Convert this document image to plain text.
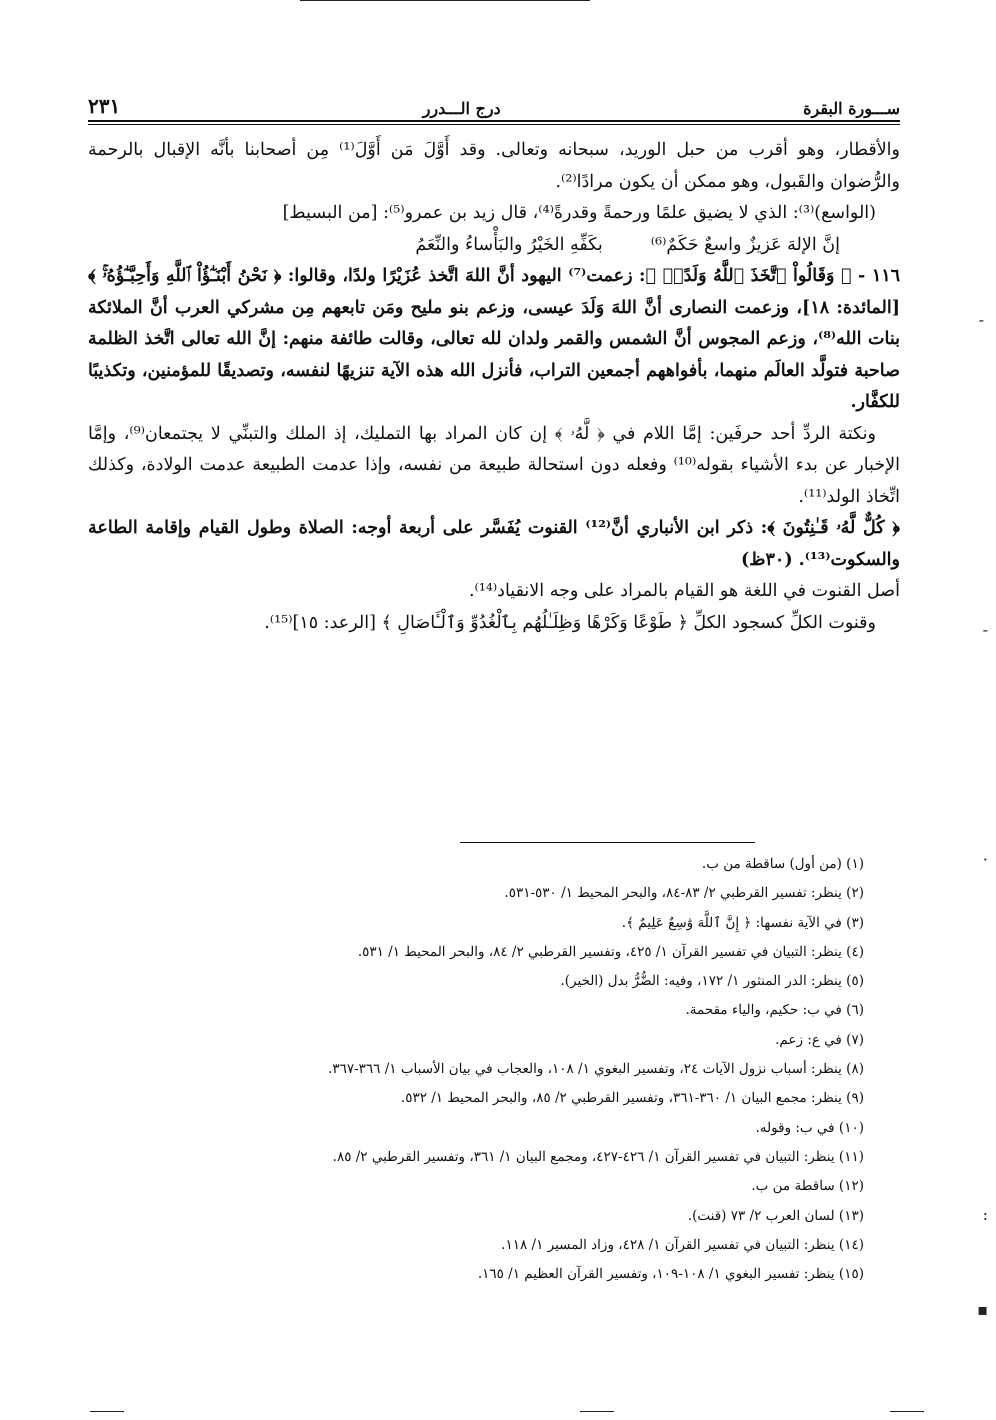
ســـورة البقرة
درج الـــدرر
٢٣١

والأقطار، وهو أقرب من حبل الوريد، سبحانه وتعالى. وقد أَوَّلَ مَن أَوَّلَ⁽¹⁾ مِن أصحابنا بأنَّه الإقبال بالرحمة والرُّضوان والقَبول، وهو ممكن أن يكون مرادًا⁽²⁾.

(الواسع)⁽³⁾: الذي لا يضيق علمًا ورحمةً وقدرةً⁽⁴⁾، قال زيد بن عمرو⁽⁵⁾: [من البسيط]

إنَّ الإلهَ عَزيزٌ واسعٌ حَكَمٌ⁽⁶⁾
بكَفِّهِ الخَيْرُ والبَأْساءُ والنِّعَمُ

١١٦ - ﴿ وَقَالُواْ ٱتَّخَذَ ٱللَّهُ وَلَدًاۗ ﴾: زعمت⁽⁷⁾ اليهود أنَّ اللهَ اتَّخذ عُزَيْرًا ولدًا، وقالوا: ﴿ نَحْنُ أَبْنَـٰٓؤُاْ ٱللَّهِ وَأَحِبَّـٰٓؤُهُۥۚ ﴾ [المائدة: ١٨]، وزعمت النصارى أنَّ اللهَ وَلَدَ عيسى، وزعم بنو مليح ومَن تابعهم مِن مشركي العرب أنَّ الملائكة بنات الله⁽⁸⁾، وزعم المجوس أنَّ الشمس والقمر ولدان لله تعالى، وقالت طائفة منهم: إنَّ الله تعالى اتَّخذ الظلمة صاحبة فتولَّد العالَم منهما، بأفواههم أجمعين التراب، فأنزل الله هذه الآية تنزيهًا لنفسه، وتصديقًا للمؤمنين، وتكذيبًا للكفَّار.

ونكتة الردِّ أحد حرفَين: إمَّا اللام في ﴿ لَّهُۥ ﴾ إن كان المراد بها التمليك، إذ الملك والتبنِّي لا يجتمعان⁽⁹⁾، وإمَّا الإخبار عن بدء الأشياء بقوله⁽¹⁰⁾ وفعله دون استحالة طبيعة من نفسه، وإذا عدمت الطبيعة عدمت الولادة، وكذلك اتِّخاذ الولد⁽¹¹⁾.

﴿ كُلٌّ لَّهُۥ قَـٰنِتُونَ ﴾: ذكر ابن الأنباري أنَّ⁽¹²⁾ القنوت يُفَسَّر على أربعة أوجه: الصلاة وطول القيام وإقامة الطاعة والسكوت⁽¹³⁾. (٣٠ظ)

أصل القنوت في اللغة هو القيام بالمراد على وجه الانقياد⁽¹⁴⁾.

وقنوت الكلِّ كسجود الكلِّ ﴿ طَوْعًا وَكَرْهًا وَظِلَـٰلُهُم بِٱلْغُدُوِّ وَٱلْـَٔاصَالِ ﴾ [الرعد: ١٥]⁽¹⁵⁾.

(١) (من أول) ساقطة من ب.
(٢) ينظر: تفسير القرطبي ٢/ ٨٣-٨٤، والبحر المحيط ١/ ٥٣٠-٥٣١.
(٣) في الآية نفسها: ﴿ إِنَّ ٱللَّهَ وَٰسِعٌ عَلِيمٌ ﴾.
(٤) ينظر: التبيان في تفسير القرآن ١/ ٤٢٥، وتفسير القرطبي ٢/ ٨٤، والبحر المحيط ١/ ٥٣١.
(٥) ينظر: الدر المنثور ١/ ١٧٢، وفيه: الضُّرُّ بدل (الخير).
(٦) في ب: حكيم، والياء مقحمة.
(٧) في ع: زعم.
(٨) ينظر: أسباب نزول الآيات ٢٤، وتفسير البغوي ١/ ١٠٨، والعجاب في بيان الأسباب ١/ ٣٦٦-٣٦٧.
(٩) ينظر: مجمع البيان ١/ ٣٦٠-٣٦١، وتفسير القرطبي ٢/ ٨٥، والبحر المحيط ١/ ٥٣٢.
(١٠) في ب: وقوله.
(١١) ينظر: التبيان في تفسير القرآن ١/ ٤٢٦-٤٢٧، ومجمع البيان ١/ ٣٦١، وتفسير القرطبي ٢/ ٨٥.
(١٢) ساقطة من ب.
(١٣) لسان العرب ٢/ ٧٣ (قنت).
(١٤) ينظر: التبيان في تفسير القرآن ١/ ٤٢٨، وزاد المسير ١/ ١١٨.
(١٥) ينظر: تفسير البغوي ١/ ١٠٨-١٠٩، وتفسير القرآن العظيم ١/ ١٦٥.
-
-
·
:
▪
